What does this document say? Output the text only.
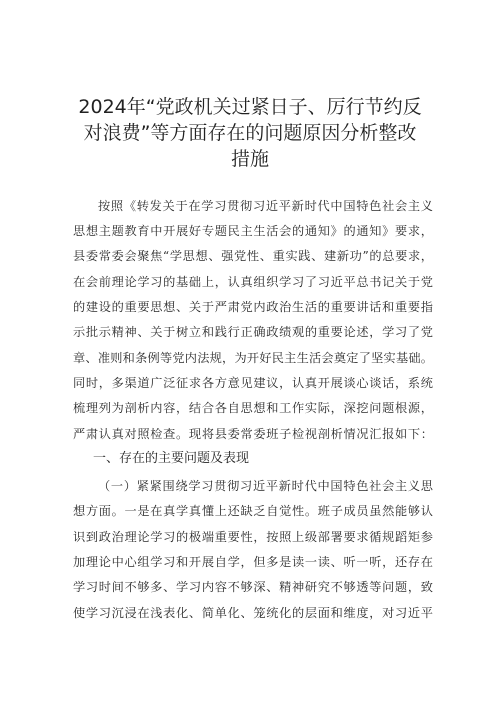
2024年“党政机关过紧日子、厉行节约反
对浪费”等方面存在的问题原因分析整改
措施
按照《转发关于在学习贯彻习近平新时代中国特色社会主义
思想主题教育中开展好专题民主生活会的通知》的通知》要求，
县委常委会聚焦“学思想、强党性、重实践、建新功”的总要求，
在会前理论学习的基础上，认真组织学习了习近平总书记关于党
的建设的重要思想、关于严肃党内政治生活的重要讲话和重要指
示批示精神、关于树立和践行正确政绩观的重要论述，学习了党
章、准则和条例等党内法规，为开好民主生活会奠定了坚实基础。
同时，多渠道广泛征求各方意见建议，认真开展谈心谈话，系统
梳理列为剖析内容，结合各自思想和工作实际，深挖问题根源，
严肃认真对照检查。现将县委常委班子检视剖析情况汇报如下：
一、存在的主要问题及表现
（一）紧紧围绕学习贯彻习近平新时代中国特色社会主义思
想方面。一是在真学真懂上还缺乏自觉性。班子成员虽然能够认
识到政治理论学习的极端重要性，按照上级部署要求循规蹈矩参
加理论中心组学习和开展自学，但多是读一读、听一听，还存在
学习时间不够多、学习内容不够深、精神研究不够透等问题，致
使学习沉浸在浅表化、简单化、笼统化的层面和维度，对习近平
